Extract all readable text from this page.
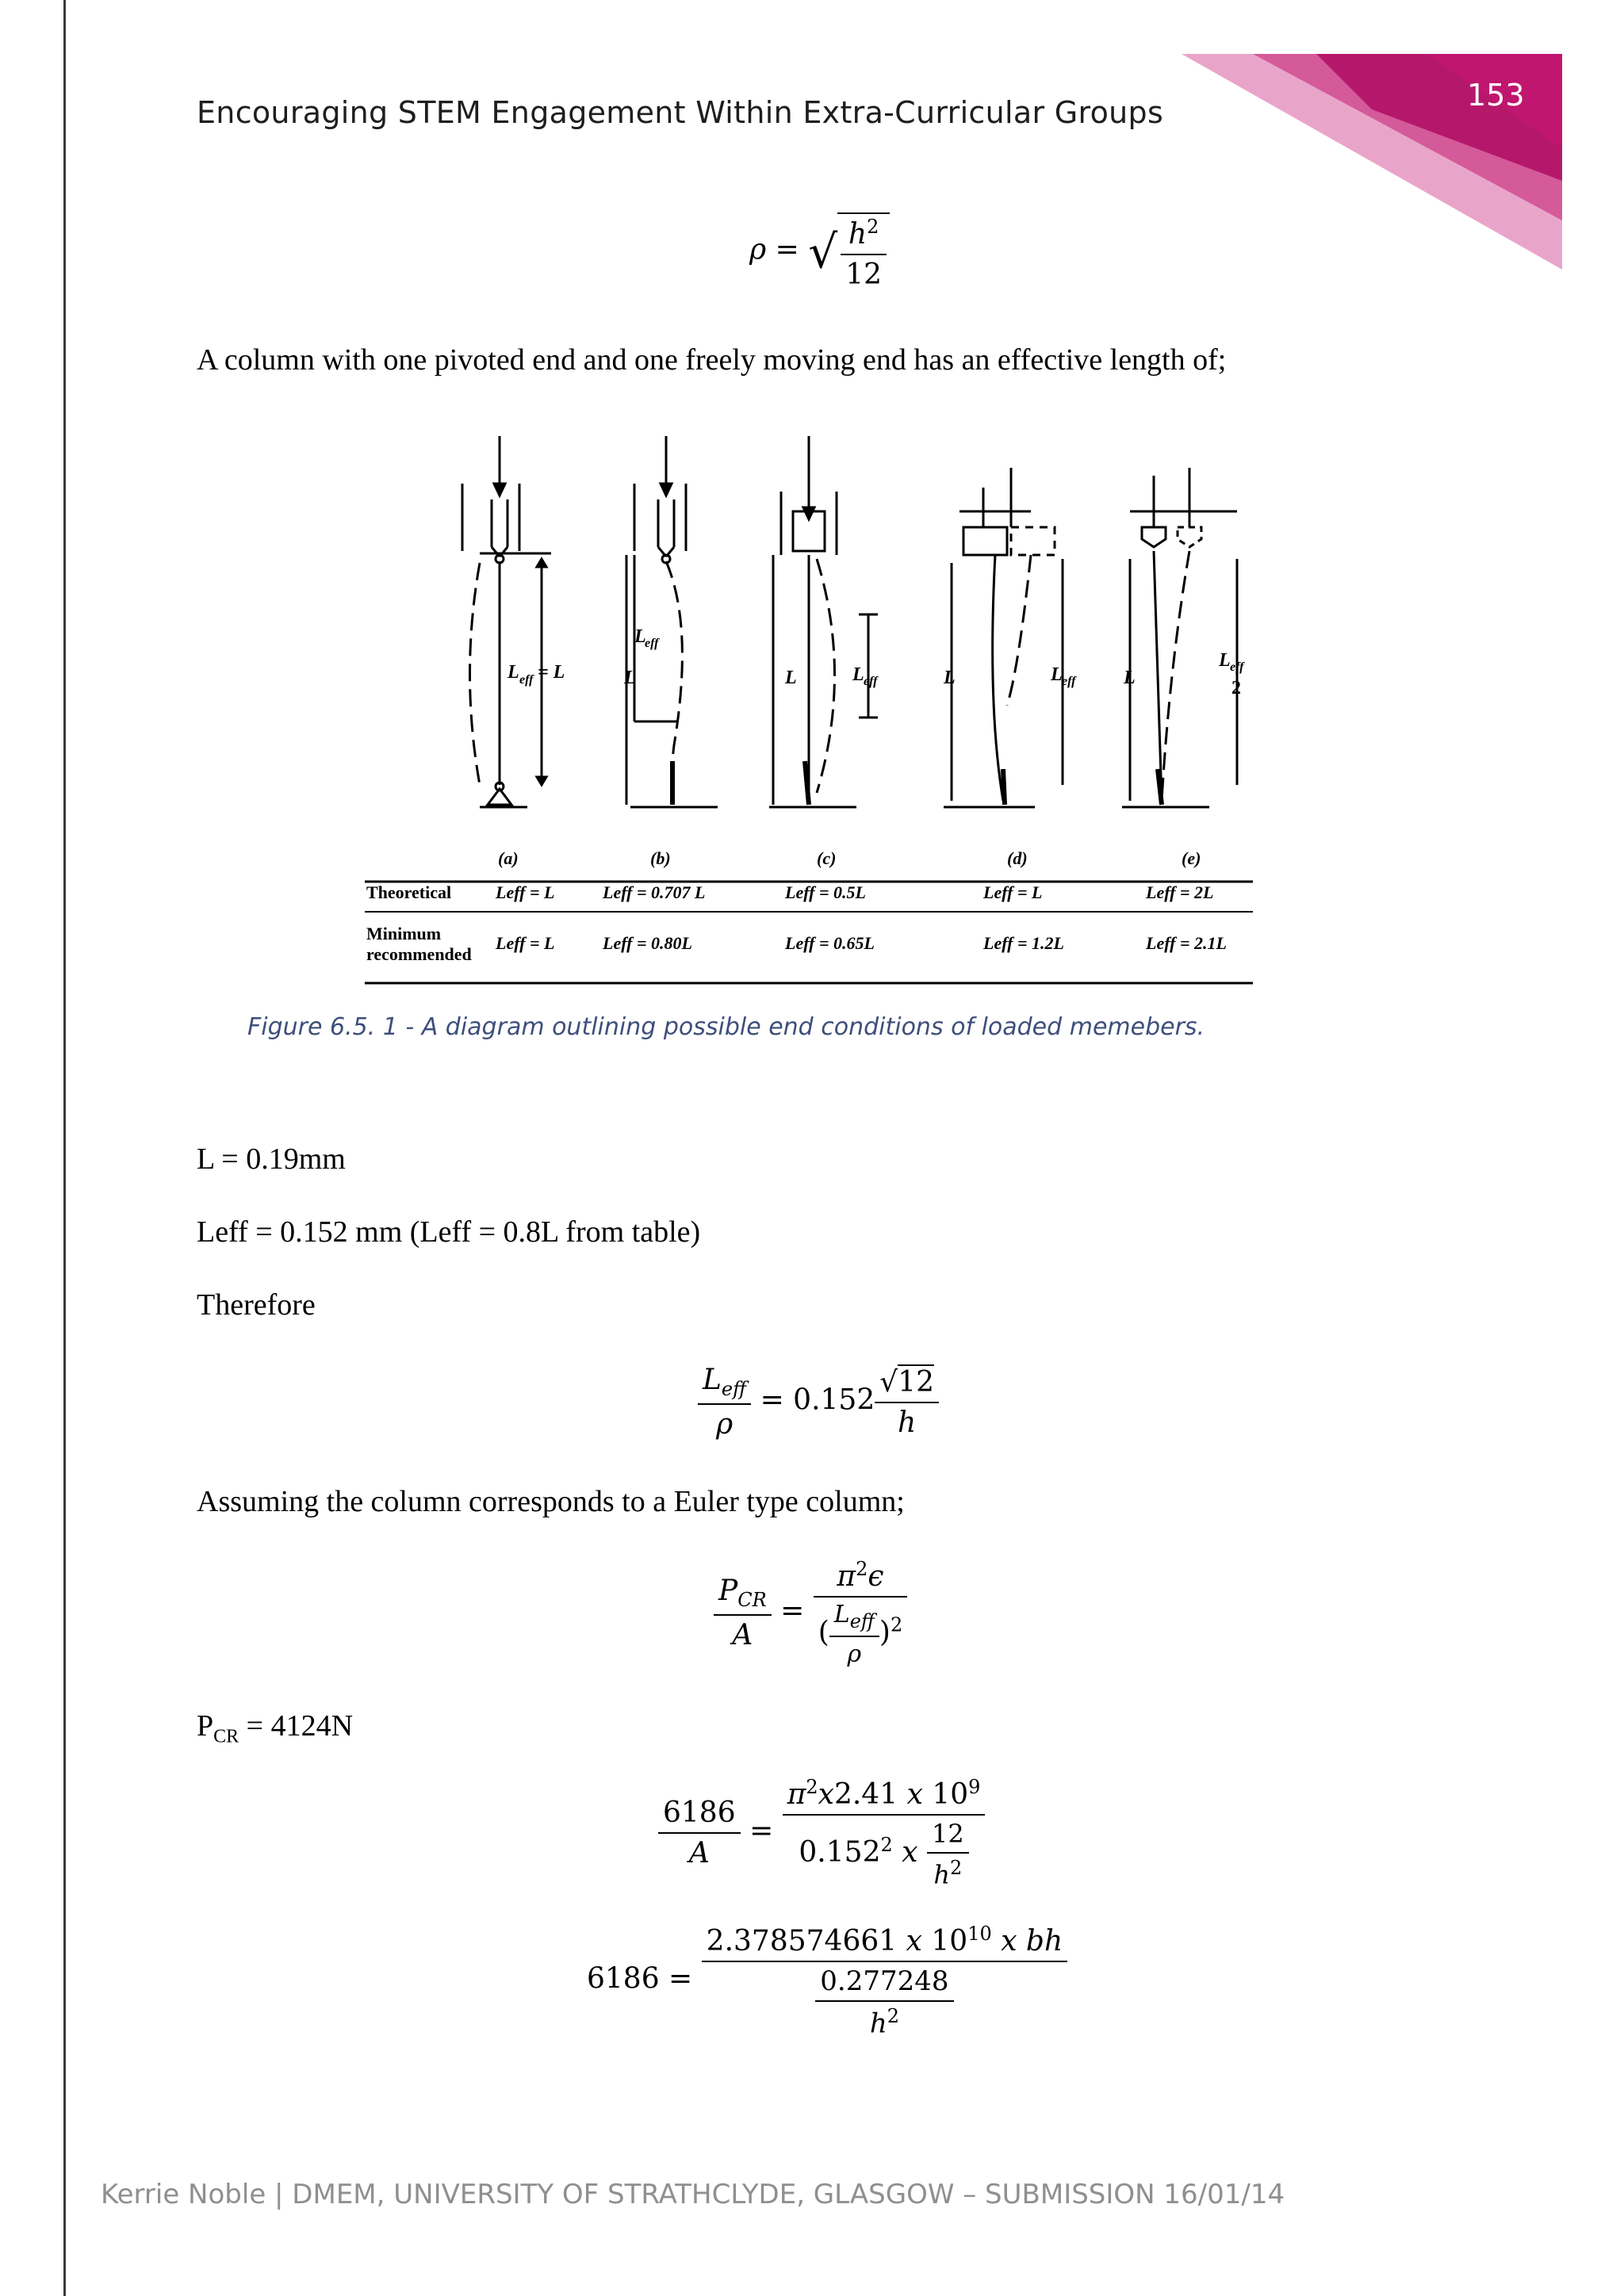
153
Encouraging STEM Engagement Within Extra-Curricular Groups
ρ = √ $\frac{h^2}{12}$
A column with one pivoted end and one freely moving end has an effective length of;
L eff = L	L
L
eff
L	L eff	L	L eff	L
L eff
2
(a)	(b)	(c)	(d)	(e)
Theoretical	Leff = L	Leff = 0.707 L	Leff = 0.5L	Leff = L	Leff = 2L
Minimum
recommended
Leff = L	Leff = 0.80L	Leff = 0.65L	Leff = 1.2L	Leff = 2.1L
Figure 6.5. 1 - A diagram outlining possible end conditions of loaded memebers.
L = 0.19mm
Leff = 0.152 mm (Leff = 0.8L from table)
Therefore
$\frac{L_{eff}}{\rho} = 0.152 \frac{√12}{h}$
Assuming the column corresponds to a Euler type column;
$\frac{P_{CR}}{A} = \frac{\pi^2\epsilon}{( \frac{L_{eff}}{\rho} )^2}$
$P_{CR} = 4124N$
$\frac{6186}{A} = \frac{\pi^2x2.41 x 10^9}{0.152^2 x \frac{12}{h^2}}$
$6186 = \frac{2.378574661 x 10^{10} x bh}{\frac{0.277248}{h^2}}$
Kerrie Noble | DMEM, UNIVERSITY OF STRATHCLYDE, GLASGOW – SUBMISSION 16/01/14
